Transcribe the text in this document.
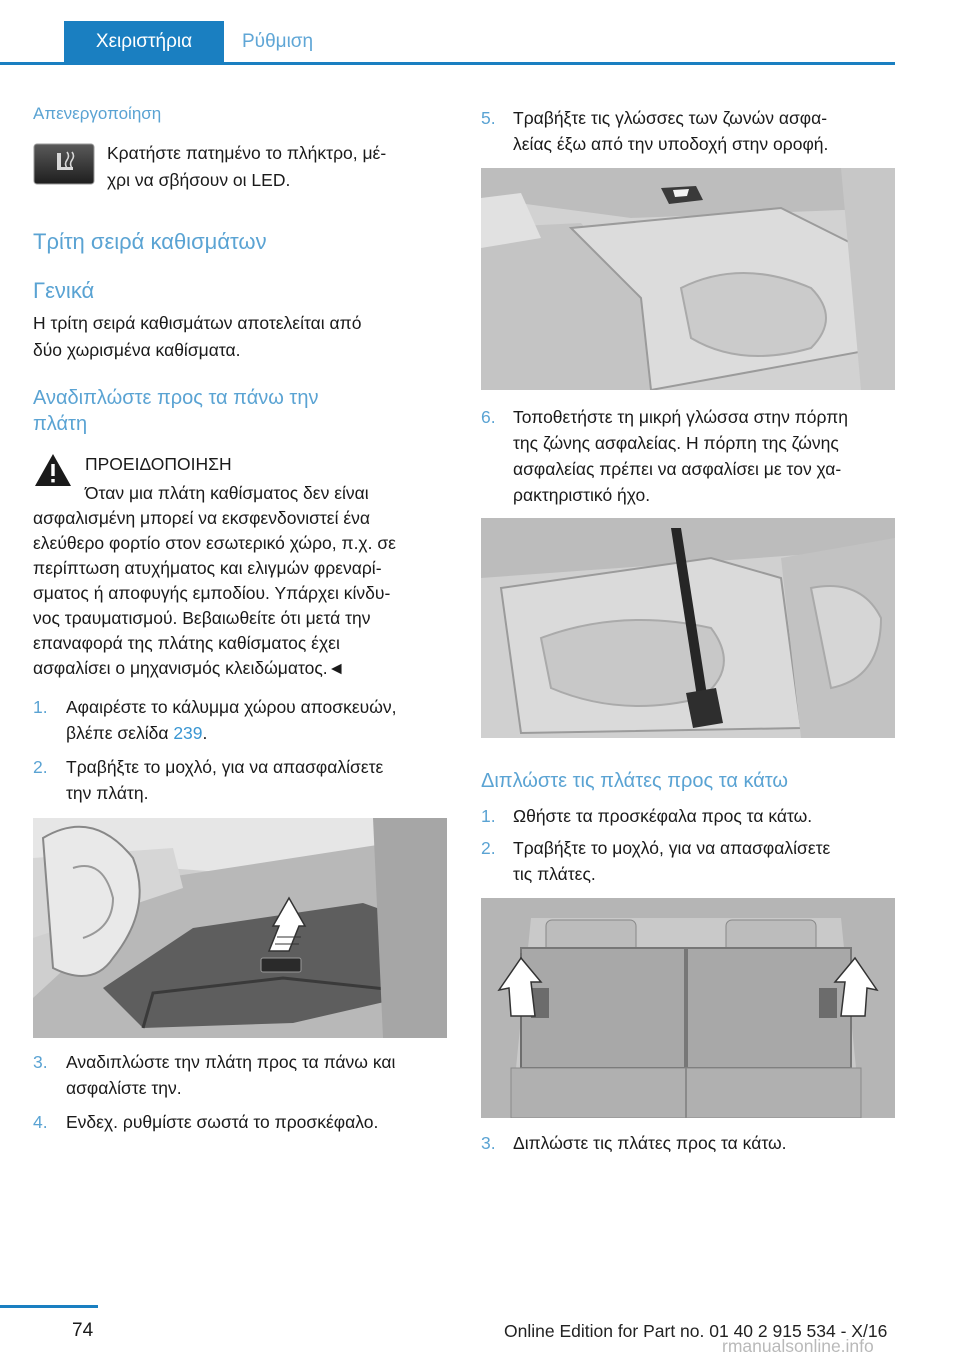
Χειριστήρια	Ρύθμιση
Απενεργοποίηση
Κρατήστε πατημένο το πλήκτρο, μέ‐
χρι να σβήσουν οι LED.
Τρίτη σειρά καθισμάτων
Γενικά
Η τρίτη σειρά καθισμάτων αποτελείται από
δύο χωρισμένα καθίσματα.
Αναδιπλώστε προς τα πάνω την
πλάτη
ΠΡΟΕΙΔΟΠΟΙΗΣΗ
Όταν μια πλάτη καθίσματος δεν είναι
ασφαλισμένη μπορεί να εκσφενδονιστεί ένα
ελεύθερο φορτίο στον εσωτερικό χώρο, π.χ. σε
περίπτωση ατυχήματος και ελιγμών φρεναρί‐
σματος ή αποφυγής εμποδίου. Υπάρχει κίνδυ‐
νος τραυματισμού. Βεβαιωθείτε ότι μετά την
επαναφορά της πλάτης καθίσματος έχει
ασφαλίσει ο μηχανισμός κλειδώματος.◄
1. Αφαιρέστε το κάλυμμα χώρου αποσκευών,
βλέπε σελίδα 239.
2. Τραβήξτε το μοχλό, για να απασφαλίσετε
την πλάτη.
3. Αναδιπλώστε την πλάτη προς τα πάνω και
ασφαλίστε την.
4. Ενδεχ. ρυθμίστε σωστά το προσκέφαλο.
5. Τραβήξτε τις γλώσσες των ζωνών ασφα‐
λείας έξω από την υποδοχή στην οροφή.
6. Τοποθετήστε τη μικρή γλώσσα στην πόρπη
της ζώνης ασφαλείας. Η πόρπη της ζώνης
ασφαλείας πρέπει να ασφαλίσει με τον χα‐
ρακτηριστικό ήχο.
Διπλώστε τις πλάτες προς τα κάτω
1. Ωθήστε τα προσκέφαλα προς τα κάτω.
2. Τραβήξτε το μοχλό, για να απασφαλίσετε
τις πλάτες.
3. Διπλώστε τις πλάτες προς τα κάτω.
74	Online Edition for Part no. 01 40 2 915 534 - X/16
rmanualsonline.info
